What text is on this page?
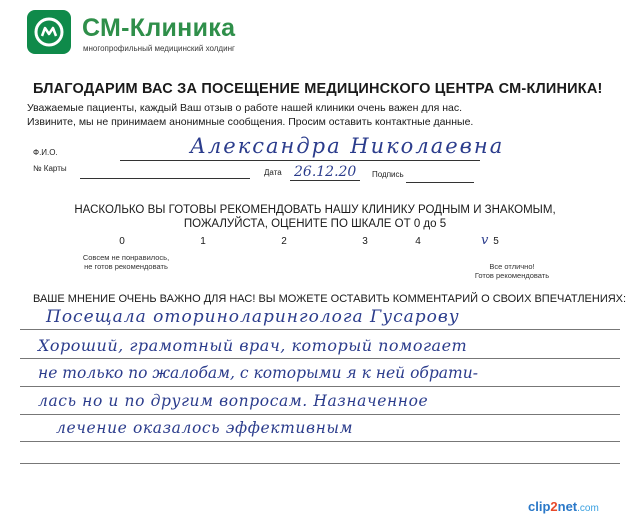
СМ-Клиника
многопрофильный медицинский холдинг
БЛАГОДАРИМ ВАС ЗА ПОСЕЩЕНИЕ МЕДИЦИНСКОГО ЦЕНТРА СМ-КЛИНИКА!
Уважаемые пациенты, каждый Ваш отзыв о работе нашей клиники очень важен для нас.
Извините, мы не принимаем анонимные сообщения. Просим оставить контактные данные.
Ф.И.О.	Александра Николаевна
№ Карты	Дата 26.12.20 Подпись
НАСКОЛЬКО ВЫ ГОТОВЫ РЕКОМЕНДОВАТЬ НАШУ КЛИНИКУ РОДНЫМ И ЗНАКОМЫМ,
ПОЖАЛУЙСТА, ОЦЕНИТЕ ПО ШКАЛЕ ОТ 0 до 5
0	1	2	3	4	5
v
Совсем не понравилось,
не готов рекомендовать	Все отлично!
Готов рекомендовать
ВАШЕ МНЕНИЕ ОЧЕНЬ ВАЖНО ДЛЯ НАС! ВЫ МОЖЕТЕ ОСТАВИТЬ КОММЕНТАРИЙ О СВОИХ ВПЕЧАТЛЕНИЯХ:
Посещала оториноларинголога Гусарову
Хороший, грамотный врач, который помогает
не только по жалобам, с которыми я к ней обрати-
лась но и по другим вопросам. Назначенное
лечение оказалось эффективным
clip2net.com
